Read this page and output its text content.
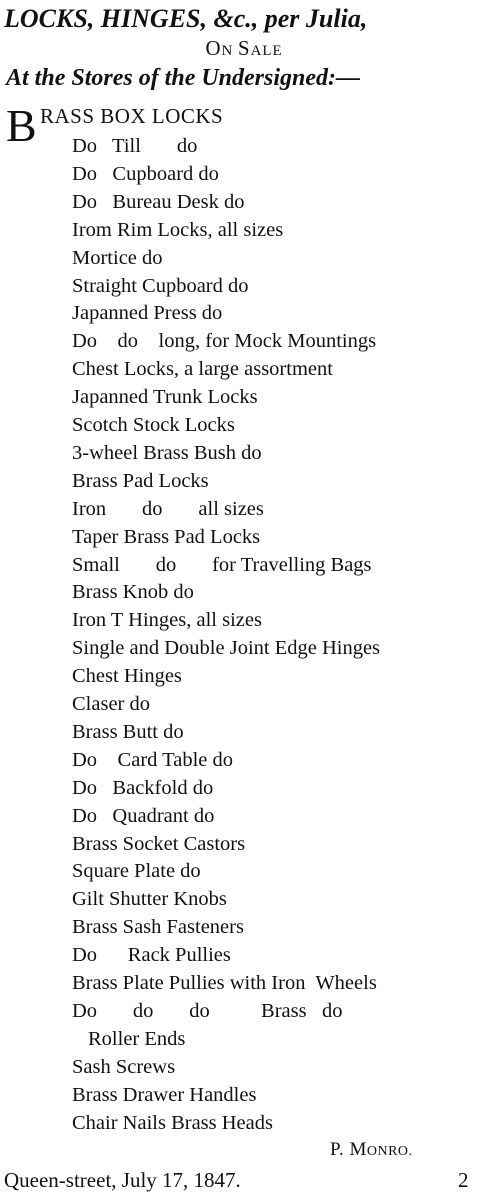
LOCKS, HINGES, &c., per Julia,
ON SALE
At the Stores of the Undersigned:—
B RASS BOX LOCKS
Do   Till       do
Do   Cupboard do
Do   Bureau Desk do
Irom Rim Locks, all sizes
Mortice do
Straight Cupboard do
Japanned Press do
Do    do    long, for Mock Mountings
Chest Locks, a large assortment
Japanned Trunk Locks
Scotch Stock Locks
3-wheel Brass Bush do
Brass Pad Locks
Iron       do       all sizes
Taper Brass Pad Locks
Small       do       for Travelling Bags
Brass Knob do
Iron T Hinges, all sizes
Single and Double Joint Edge Hinges
Chest Hinges
Claser do
Brass Butt do
Do    Card Table do
Do   Backfold do
Do   Quadrant do
Brass Socket Castors
Square Plate do
Gilt Shutter Knobs
Brass Sash Fasteners
Do      Rack Pullies
Brass Plate Pullies with Iron  Wheels
Do       do       do          Brass   do
Roller Ends
Sash Screws
Brass Drawer Handles
Chair Nails Brass Heads
P. MONRO.
Queen-street, July 17, 1847.	2
